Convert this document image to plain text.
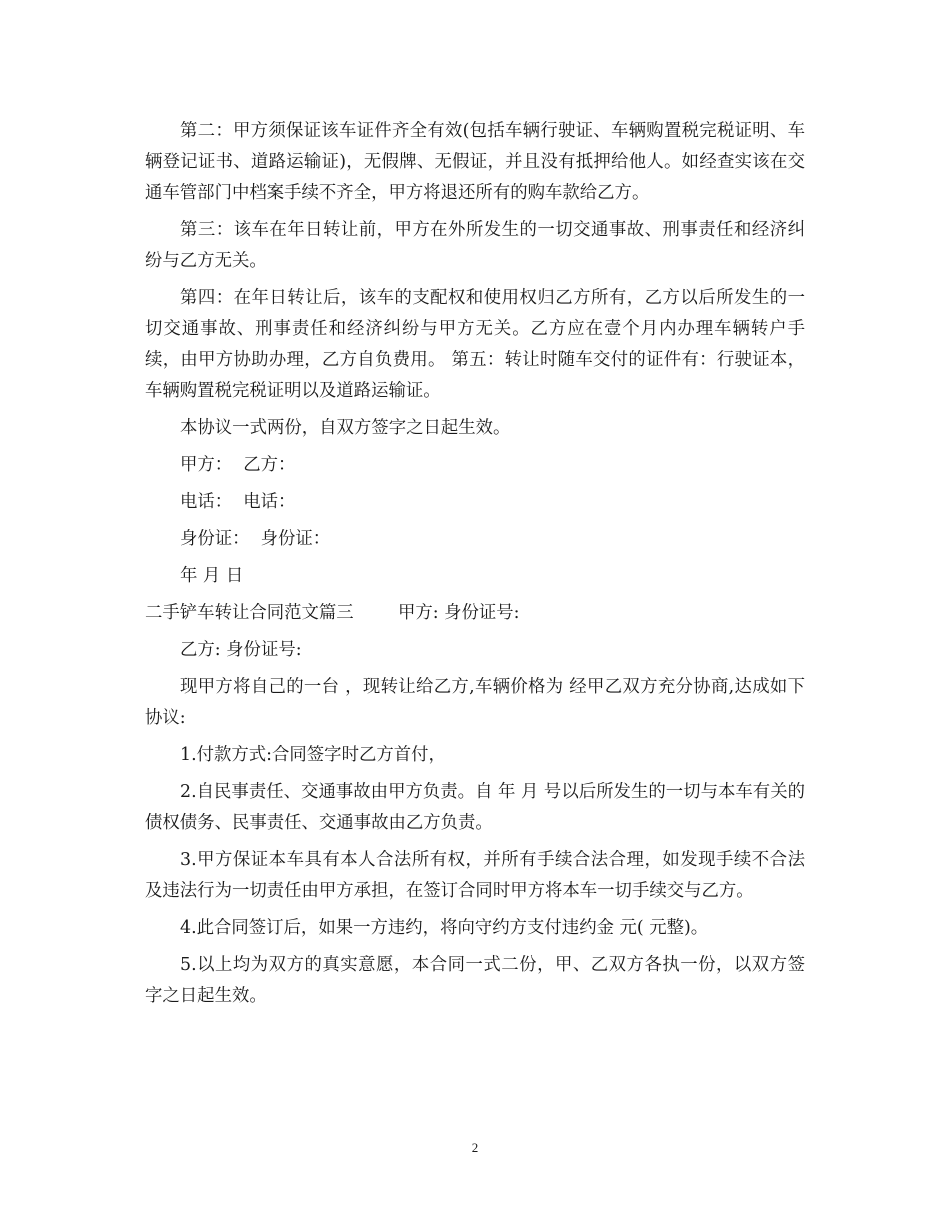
第二：甲方须保证该车证件齐全有效(包括车辆行驶证、车辆购置税完税证明、车辆登记证书、道路运输证)，无假牌、无假证，并且没有抵押给他人。如经查实该在交通车管部门中档案手续不齐全，甲方将退还所有的购车款给乙方。

第三：该车在年日转让前，甲方在外所发生的一切交通事故、刑事责任和经济纠纷与乙方无关。

第四：在年日转让后，该车的支配权和使用权归乙方所有，乙方以后所发生的一切交通事故、刑事责任和经济纠纷与甲方无关。乙方应在壹个月内办理车辆转户手续，由甲方协助办理，乙方自负费用。 第五：转让时随车交付的证件有：行驶证本，车辆购置税完税证明以及道路运输证。

本协议一式两份，自双方签字之日起生效。

甲方：  乙方：

电话：  电话：

身份证：  身份证：

年 月 日

二手铲车转让合同范文篇三	甲方: 身份证号:

乙方: 身份证号:

现甲方将自己的一台 ，现转让给乙方,车辆价格为 经甲乙双方充分协商,达成如下协议:

1.付款方式:合同签字时乙方首付，

2.自民事责任、交通事故由甲方负责。自 年 月 号以后所发生的一切与本车有关的债权债务、民事责任、交通事故由乙方负责。

3.甲方保证本车具有本人合法所有权，并所有手续合法合理，如发现手续不合法及违法行为一切责任由甲方承担，在签订合同时甲方将本车一切手续交与乙方。

4.此合同签订后，如果一方违约，将向守约方支付违约金 元( 元整)。

5.以上均为双方的真实意愿，本合同一式二份，甲、乙双方各执一份，以双方签字之日起生效。

2
